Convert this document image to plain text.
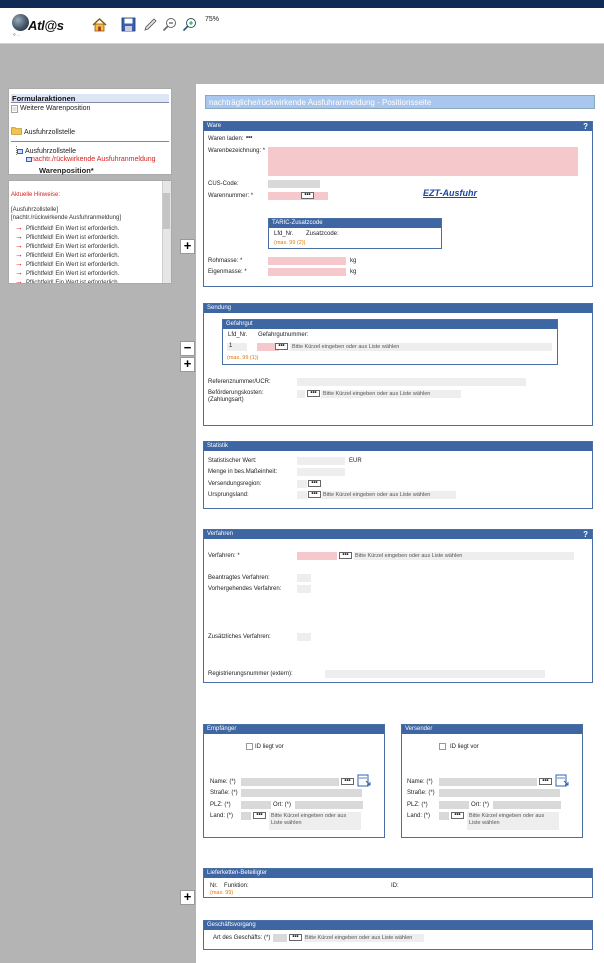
Atl@s
© ...
75%
Formularaktionen
Weitere Warenposition
Ausfuhrzollstelle
Ausfuhrzollstelle
nachtr./rückwirkende Ausfuhranmeldung
Warenposition*
Aktuelle Hinweise:
[Ausfuhrzollstelle]
[nachtr./rückwirkende Ausfuhranmeldung]
→ Pflichtfeld! Ein Wert ist erforderlich.
→ Pflichtfeld! Ein Wert ist erforderlich.
→ Pflichtfeld! Ein Wert ist erforderlich.
→ Pflichtfeld! Ein Wert ist erforderlich.
→ Pflichtfeld! Ein Wert ist erforderlich.
→ Pflichtfeld! Ein Wert ist erforderlich.
→ Pflichtfeld! Ein Wert ist erforderlich.
+
−
+
+
nachträgliche/rückwirkende Ausfuhranmeldung - Positionsseite
Ware	?
Waren laden: •••
Warenbezeichnung: *
CUS-Code:
Warennummer: *	•••	EZT-Ausfuhr
TARIC-Zusatzcode
Lfd_Nr. Zusatzcode:
(max. 99 (2))
Rohmasse: *	kg
Eigenmasse: *	kg
Sendung
Gefahrgut
Lfd_Nr. Gefahrgutnummer:
1	•••	Bitte Kürzel eingeben oder aus Liste wählen
(max. 99 (1))
Referenznummer/UCR:
Beförderungskosten:
(Zahlungsart)
•••	Bitte Kürzel eingeben oder aus Liste wählen
Statistik
Statistischer Wert:	EUR
Menge in bes.Maßeinheit:
Versendungsregion:	•••
Ursprungsland:	••• Bitte Kürzel eingeben oder aus Liste wählen
Verfahren	?
Verfahren: *	•••	Bitte Kürzel eingeben oder aus Liste wählen
Beantragtes Verfahren:
Vorhergehendes Verfahren:
Zusätzliches Verfahren:
Registrierungsnummer (extern):
Empfänger
ID liegt vor
Name: (*)	•••
Straße: (*)
PLZ: (*)	Ort: (*)
Land: (*)	•••	Bitte Kürzel eingeben oder aus Liste wählen
Versender
ID liegt vor
Name: (*)	•••
Straße: (*)
PLZ: (*)	Ort: (*)
Land: (*)	•••	Bitte Kürzel eingeben oder aus Liste wählen
Lieferketten-Beteiligter
Nr. Funktion:	ID:
(max. 99)
Geschäftsvorgang
Art des Geschäfts: (*)	•••	Bitte Kürzel eingeben oder aus Liste wählen
